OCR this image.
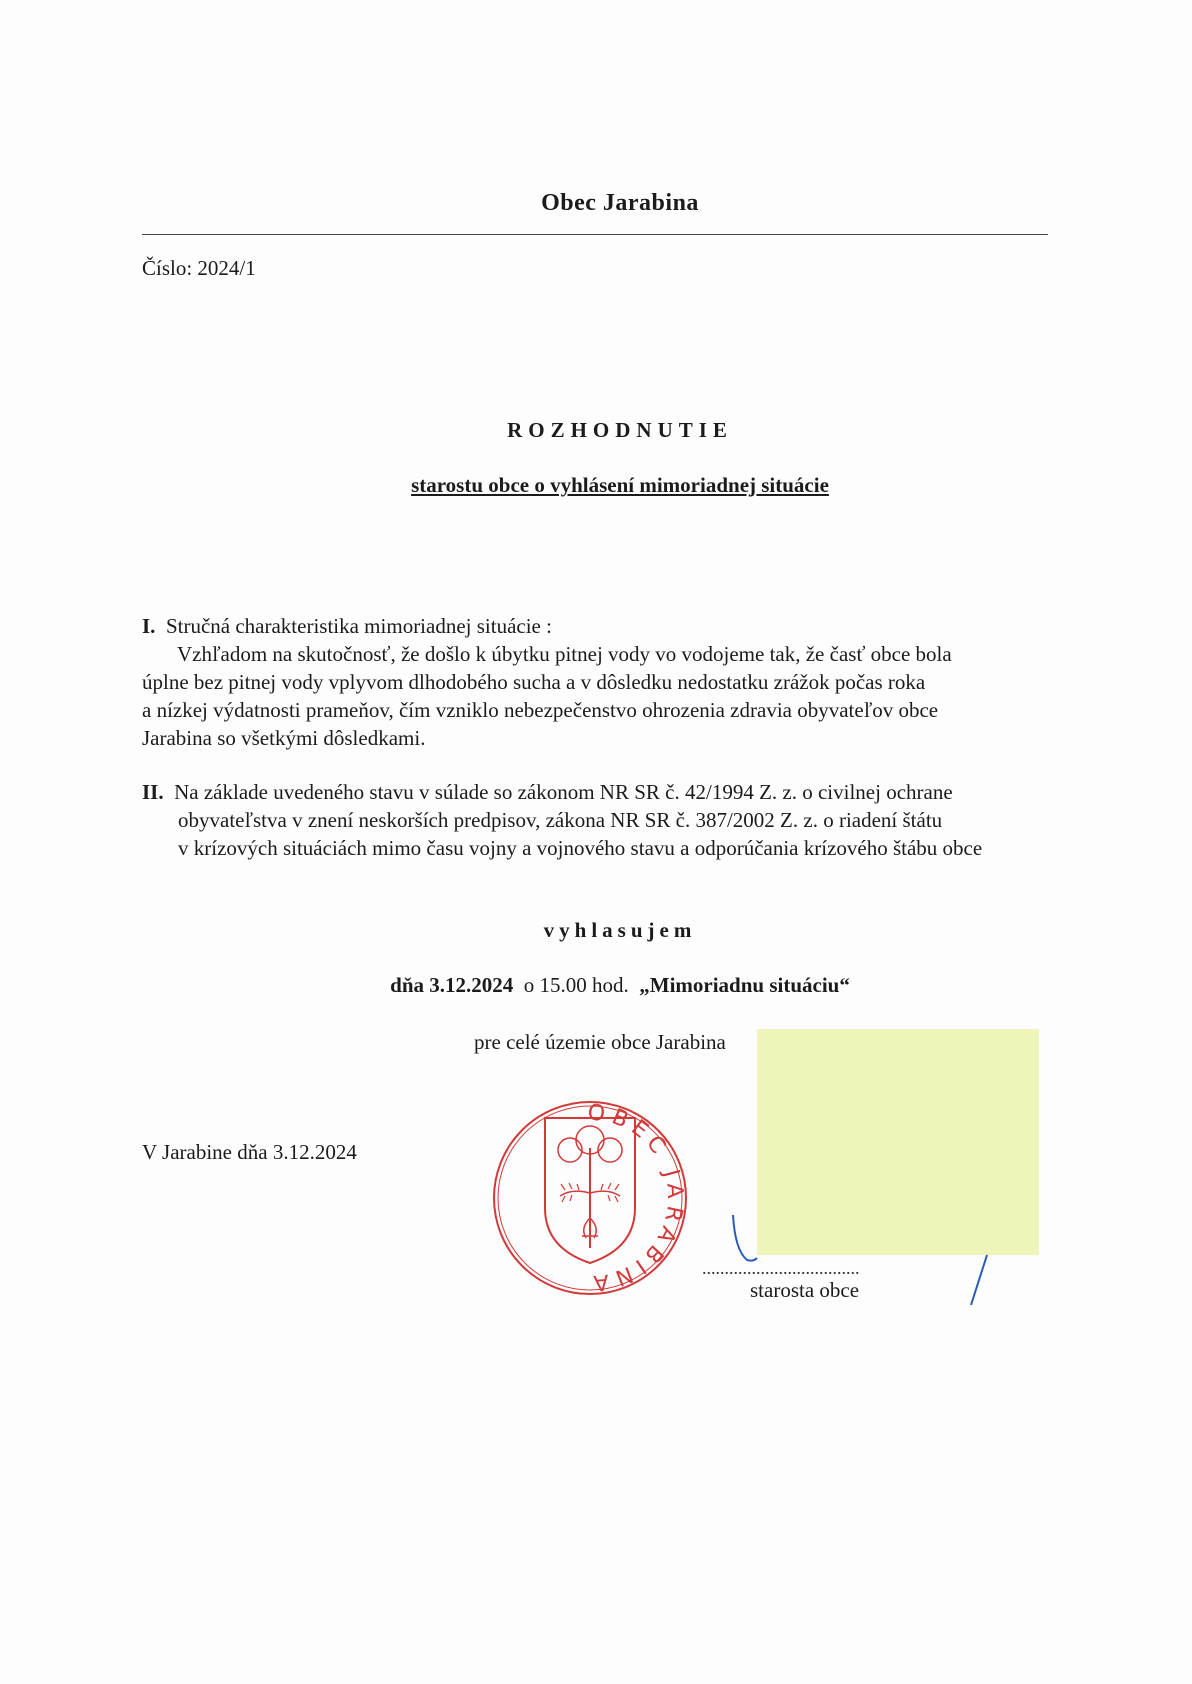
Obec Jarabina
Číslo: 2024/1
ROZHODNUTIE
starostu obce o vyhlásení mimoriadnej situácie
I. Stručná charakteristika mimoriadnej situácie :
Vzhľadom na skutočnosť, že došlo k úbytku pitnej vody vo vodojeme tak, že časť obce bola
úplne bez pitnej vody vplyvom dlhodobého sucha a v dôsledku nedostatku zrážok počas roka
a nízkej výdatnosti prameňov, čím vzniklo nebezpečenstvo ohrozenia zdravia obyvateľov obce
Jarabina so všetkými dôsledkami.
II. Na základe uvedeného stavu v súlade so zákonom NR SR č. 42/1994 Z. z. o civilnej ochrane
obyvateľstva v znení neskorších predpisov, zákona NR SR č. 387/2002 Z. z. o riadení štátu
v krízových situáciách mimo času vojny a vojnového stavu a odporúčania krízového štábu obce
vyhlasujem
dňa 3.12.2024 o 15.00 hod. „Mimoriadnu situáciu“
pre celé územie obce Jarabina
V Jarabine dňa 3.12.2024
OBEC JARABINA
...................................
starosta obce
